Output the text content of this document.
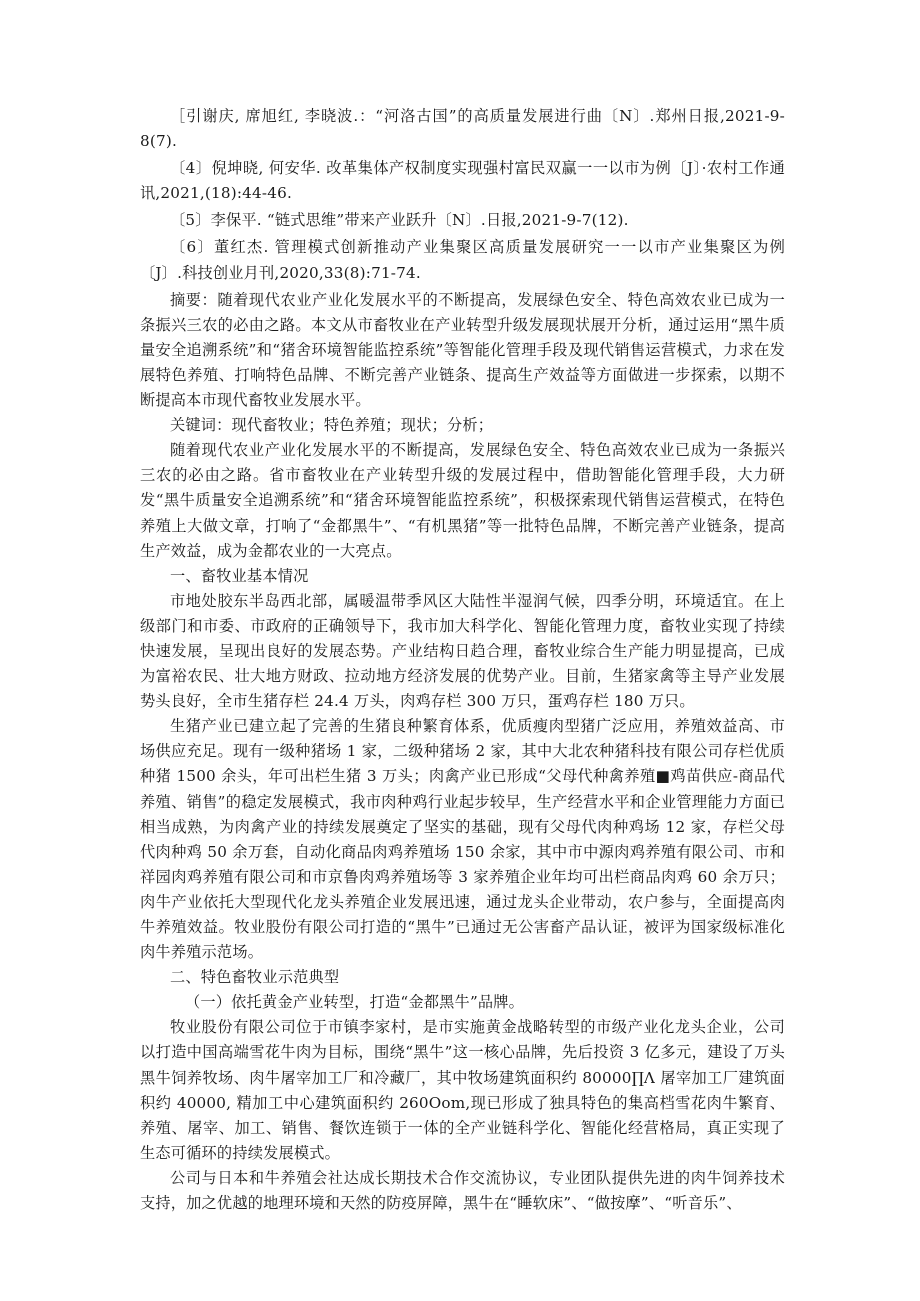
［引谢庆, 席旭红, 李晓波.：“河洛古国”的高质量发展进行曲〔N〕.郑州日报,2021-9-8(7).

〔4〕倪坤晓, 何安华. 改革集体产权制度实现强村富民双赢一一以市为例〔J〕·农村工作通讯,2021,(18):44-46.

〔5〕李保平. “链式思维”带来产业跃升〔N〕.日报,2021-9-7(12).

〔6〕董红杰. 管理模式创新推动产业集聚区高质量发展研究一一以市产业集聚区为例〔J〕.科技创业月刊,2020,33(8):71-74.

摘要：随着现代农业产业化发展水平的不断提高，发展绿色安全、特色高效农业已成为一条振兴三农的必由之路。本文从市畜牧业在产业转型升级发展现状展开分析，通过运用“黑牛质量安全追溯系统”和“猪舍环境智能监控系统”等智能化管理手段及现代销售运营模式，力求在发展特色养殖、打响特色品牌、不断完善产业链条、提高生产效益等方面做进一步探索，以期不断提高本市现代畜牧业发展水平。

关键词：现代畜牧业；特色养殖；现状；分析；

随着现代农业产业化发展水平的不断提高，发展绿色安全、特色高效农业已成为一条振兴三农的必由之路。省市畜牧业在产业转型升级的发展过程中，借助智能化管理手段，大力研发“黑牛质量安全追溯系统”和“猪舍环境智能监控系统”，积极探索现代销售运营模式，在特色养殖上大做文章，打响了“金都黑牛”、“有机黑猪”等一批特色品牌，不断完善产业链条，提高生产效益，成为金都农业的一大亮点。

一、畜牧业基本情况

市地处胶东半岛西北部，属暖温带季风区大陆性半湿润气候，四季分明，环境适宜。在上级部门和市委、市政府的正确领导下，我市加大科学化、智能化管理力度，畜牧业实现了持续快速发展，呈现出良好的发展态势。产业结构日趋合理，畜牧业综合生产能力明显提高，已成为富裕农民、壮大地方财政、拉动地方经济发展的优势产业。目前，生猪家禽等主导产业发展势头良好，全市生猪存栏 24.4 万头，肉鸡存栏 300 万只，蛋鸡存栏 180 万只。

生猪产业已建立起了完善的生猪良种繁育体系，优质瘦肉型猪广泛应用，养殖效益高、市场供应充足。现有一级种猪场 1 家，二级种猪场 2 家，其中大北农种猪科技有限公司存栏优质种猪 1500 余头，年可出栏生猪 3 万头；肉禽产业已形成“父母代种禽养殖■鸡苗供应-商品代养殖、销售”的稳定发展模式，我市肉种鸡行业起步较早，生产经营水平和企业管理能力方面已相当成熟，为肉禽产业的持续发展奠定了坚实的基础，现有父母代肉种鸡场 12 家，存栏父母代肉种鸡 50 余万套，自动化商品肉鸡养殖场 150 余家，其中市中源肉鸡养殖有限公司、市和祥园肉鸡养殖有限公司和市京鲁肉鸡养殖场等 3 家养殖企业年均可出栏商品肉鸡 60 余万只；肉牛产业依托大型现代化龙头养殖企业发展迅速，通过龙头企业带动，农户参与，全面提高肉牛养殖效益。牧业股份有限公司打造的“黑牛”已通过无公害畜产品认证，被评为国家级标准化肉牛养殖示范场。

二、特色畜牧业示范典型

（一）依托黄金产业转型，打造“金都黑牛”品牌。

牧业股份有限公司位于市镇李家村，是市实施黄金战略转型的市级产业化龙头企业，公司以打造中国高端雪花牛肉为目标，围绕“黑牛”这一核心品牌，先后投资 3 亿多元，建设了万头黑牛饲养牧场、肉牛屠宰加工厂和冷藏厂，其中牧场建筑面积约 80000∏Λ 屠宰加工厂建筑面积约 40000, 精加工中心建筑面积约 260Oom,现已形成了独具特色的集高档雪花肉牛繁育、养殖、屠宰、加工、销售、餐饮连锁于一体的全产业链科学化、智能化经营格局，真正实现了生态可循环的持续发展模式。

公司与日本和牛养殖会社达成长期技术合作交流协议，专业团队提供先进的肉牛饲养技术支持，加之优越的地理环境和天然的防疫屏障，黑牛在“睡软床”、“做按摩”、“听音乐”、
